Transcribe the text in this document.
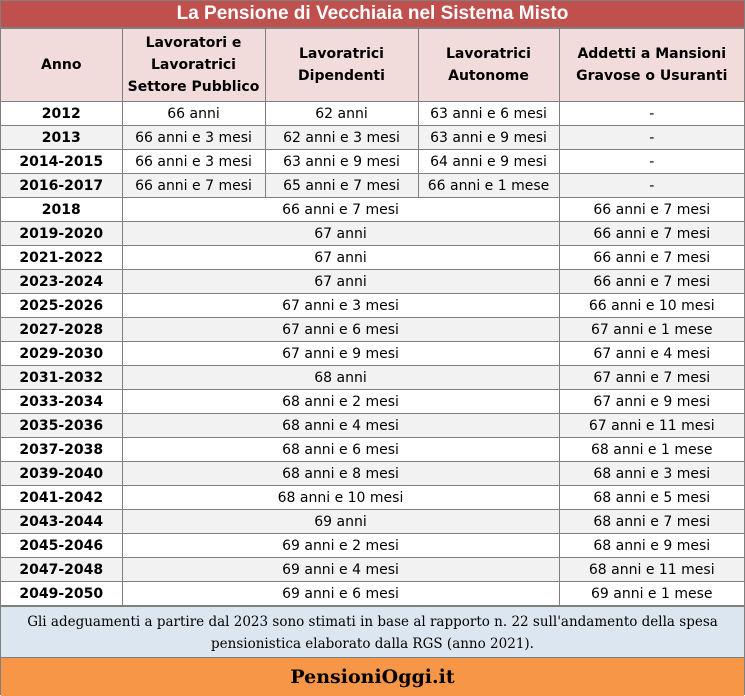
La Pensione di Vecchiaia nel Sistema Misto
Anno	Lavoratori e Lavoratrici Settore Pubblico	Lavoratrici Dipendenti	Lavoratrici Autonome	Addetti a Mansioni Gravose o Usuranti
2012	66 anni	62 anni	63 anni e 6 mesi	-
2013	66 anni e 3 mesi	62 anni e 3 mesi	63 anni e 9 mesi	-
2014-2015	66 anni e 3 mesi	63 anni e 9 mesi	64 anni e 9 mesi	-
2016-2017	66 anni e 7 mesi	65 anni e 7 mesi	66 anni e 1 mese	-
2018	66 anni e 7 mesi			66 anni e 7 mesi
2019-2020	67 anni			66 anni e 7 mesi
2021-2022	67 anni			66 anni e 7 mesi
2023-2024	67 anni			66 anni e 7 mesi
2025-2026	67 anni e 3 mesi			66 anni e 10 mesi
2027-2028	67 anni e 6 mesi			67 anni e 1 mese
2029-2030	67 anni e 9 mesi			67 anni e 4 mesi
2031-2032	68 anni			67 anni e 7 mesi
2033-2034	68 anni e 2 mesi			67 anni e 9 mesi
2035-2036	68 anni e 4 mesi			67 anni e 11 mesi
2037-2038	68 anni e 6 mesi			68 anni e 1 mese
2039-2040	68 anni e 8 mesi			68 anni e 3 mesi
2041-2042	68 anni e 10 mesi			68 anni e 5 mesi
2043-2044	69 anni			68 anni e 7 mesi
2045-2046	69 anni e 2 mesi			68 anni e 9 mesi
2047-2048	69 anni e 4 mesi			68 anni e 11 mesi
2049-2050	69 anni e 6 mesi			69 anni e 1 mese
Gli adeguamenti a partire dal 2023 sono stimati in base al rapporto n. 22 sull'andamento della spesa pensionistica elaborato dalla RGS (anno 2021).
PensioniOggi.it
